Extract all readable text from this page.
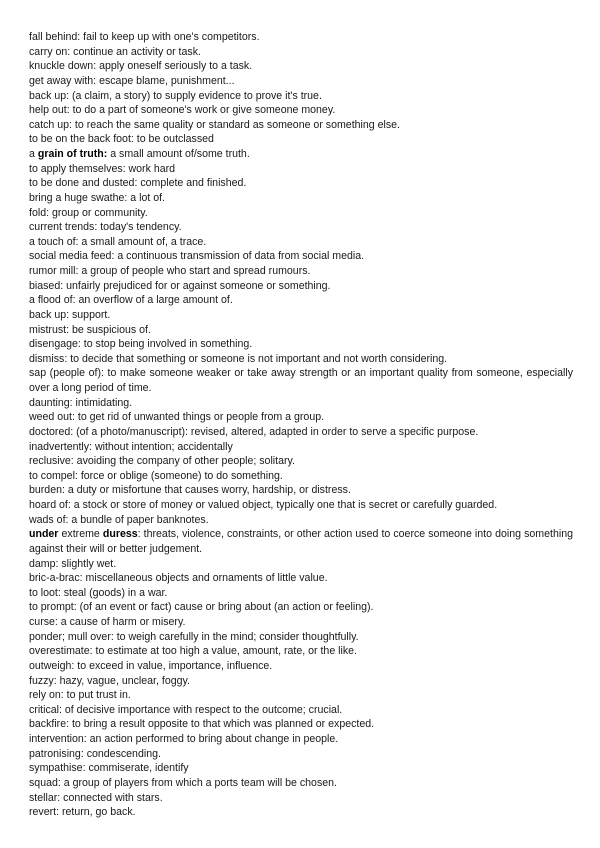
fall behind: fail to keep up with one's competitors.

carry on: continue an activity or task.

knuckle down: apply oneself seriously to a task.

get away with: escape blame, punishment...

back up: (a claim, a story) to supply evidence to prove it's true.

help out: to do a part of someone's work or give someone money.

catch up: to reach the same quality or standard as someone or something else.

to be on the back foot: to be outclassed

a grain of truth: a small amount of/some truth.

to apply themselves: work hard

to be done and dusted: complete and finished.

bring a huge swathe: a lot of.

fold: group or community.

current trends: today's tendency.

a touch of: a small amount of, a trace.

social media feed: a continuous transmission of data from social media.

rumor mill: a group of people who start and spread rumours.

biased: unfairly prejudiced for or against someone or something.

a flood of: an overflow of a large amount of.

back up: support.

mistrust: be suspicious of.

disengage: to stop being involved in something.

dismiss: to decide that something or someone is not important and not worth considering.

sap (people of): to make someone weaker or take away strength or an important quality from someone, especially over a long period of time.

daunting: intimidating.

weed out: to get rid of unwanted things or people from a group.

doctored: (of a photo/manuscript): revised, altered, adapted in order to serve a specific purpose.

inadvertently: without intention; accidentally

reclusive: avoiding the company of other people; solitary.

to compel: force or oblige (someone) to do something.

burden: a duty or misfortune that causes worry, hardship, or distress.

hoard of: a stock or store of money or valued object, typically one that is secret or carefully guarded.

wads of: a bundle of paper banknotes.

under extreme duress: threats, violence, constraints, or other action used to coerce someone into doing something against their will or better judgement.

damp: slightly wet.

bric-a-brac: miscellaneous objects and ornaments of little value.

to loot: steal (goods) in a war.

to prompt: (of an event or fact) cause or bring about (an action or feeling).

curse: a cause of harm or misery.

ponder; mull over: to weigh carefully in the mind; consider thoughtfully.

overestimate: to estimate at too high a value, amount, rate, or the like.

outweigh: to exceed in value, importance, influence.

fuzzy: hazy, vague, unclear, foggy.

rely on: to put trust in.

critical: of decisive importance with respect to the outcome; crucial.

backfire: to bring a result opposite to that which was planned or expected.

intervention: an action performed to bring about change in people.

patronising: condescending.

sympathise: commiserate, identify

squad: a group of players from which a ports team will be chosen.

stellar: connected with stars.

revert: return, go back.
